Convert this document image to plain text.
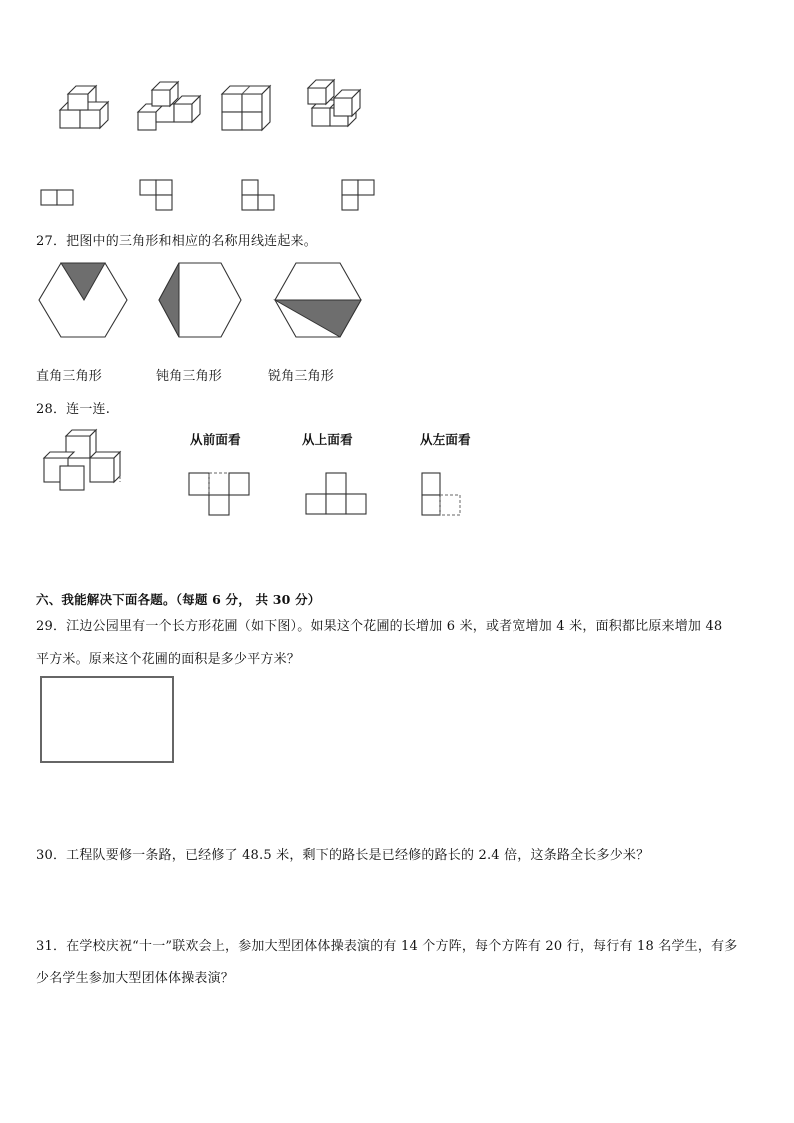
27．把图中的三角形和相应的名称用线连起来。
直角三角形	钝角三角形	锐角三角形
28．连一连.
从前面看	从上面看	从左面看
六、我能解决下面各题。（每题 6 分， 共 30 分）
29．江边公园里有一个长方形花圃（如下图）。如果这个花圃的长增加 6 米，或者宽增加 4 米，面积都比原来增加 48
平方米。原来这个花圃的面积是多少平方米？
30．工程队要修一条路，已经修了 48.5 米，剩下的路长是已经修的路长的 2.4 倍，这条路全长多少米？
31．在学校庆祝“十一”联欢会上，参加大型团体体操表演的有 14 个方阵，每个方阵有 20 行，每行有 18 名学生，有多
少名学生参加大型团体体操表演？
